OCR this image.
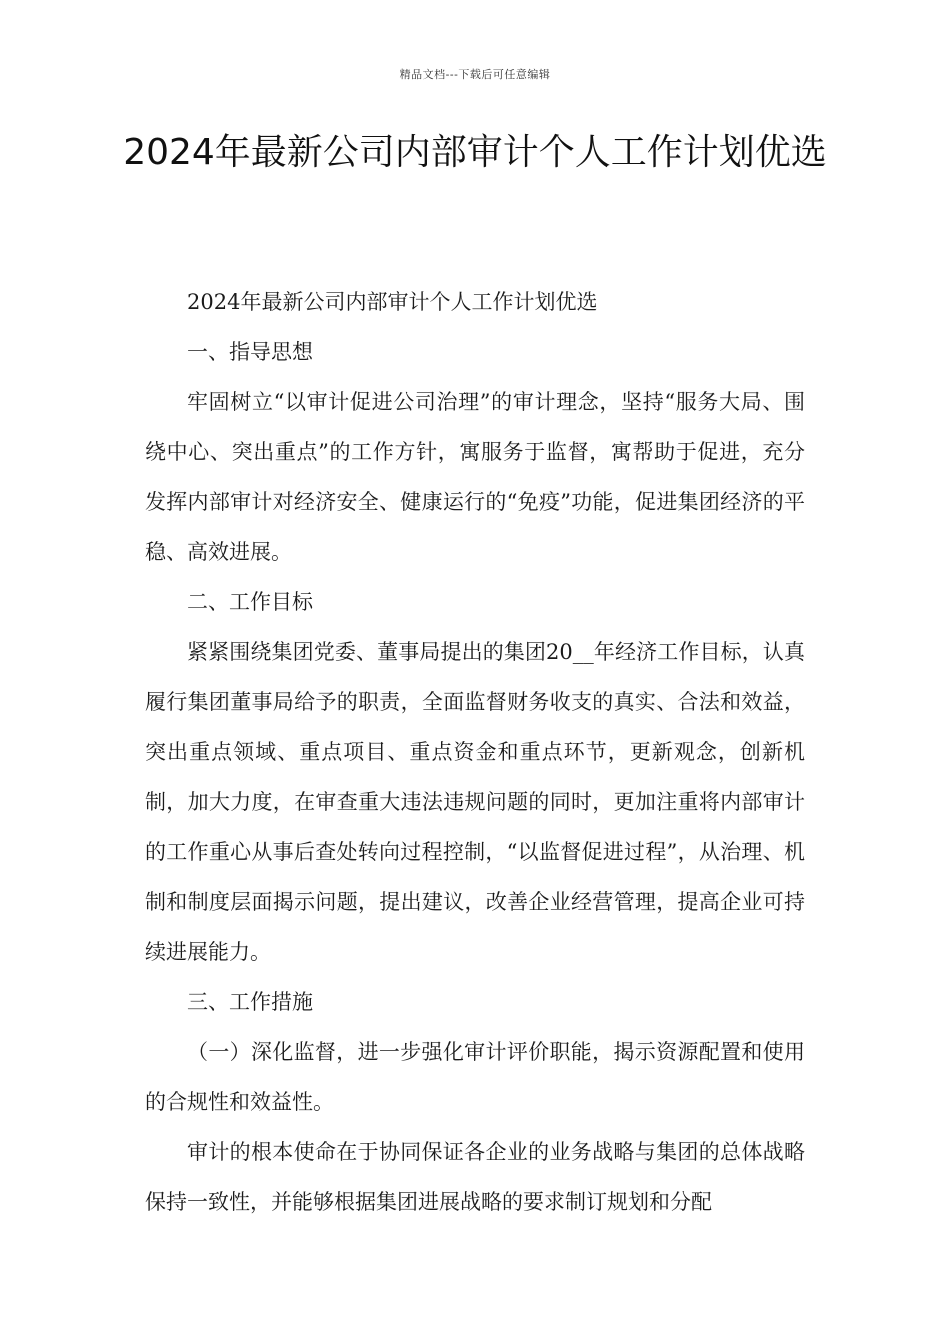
精品文档---下载后可任意编辑
2024年最新公司内部审计个人工作计划优选

2024年最新公司内部审计个人工作计划优选

一、指导思想

牢固树立“以审计促进公司治理”的审计理念，坚持“服务大局、围绕中心、突出重点”的工作方针，寓服务于监督，寓帮助于促进，充分发挥内部审计对经济安全、健康运行的“免疫”功能，促进集团经济的平稳、高效进展。

二、工作目标

紧紧围绕集团党委、董事局提出的集团20__年经济工作目标，认真履行集团董事局给予的职责，全面监督财务收支的真实、合法和效益，突出重点领域、重点项目、重点资金和重点环节，更新观念，创新机制，加大力度，在审查重大违法违规问题的同时，更加注重将内部审计的工作重心从事后查处转向过程控制，“以监督促进过程”，从治理、机制和制度层面揭示问题，提出建议，改善企业经营管理，提高企业可持续进展能力。

三、工作措施

（一）深化监督，进一步强化审计评价职能，揭示资源配置和使用的合规性和效益性。

审计的根本使命在于协同保证各企业的业务战略与集团的总体战略保持一致性，并能够根据集团进展战略的要求制订规划和分配
